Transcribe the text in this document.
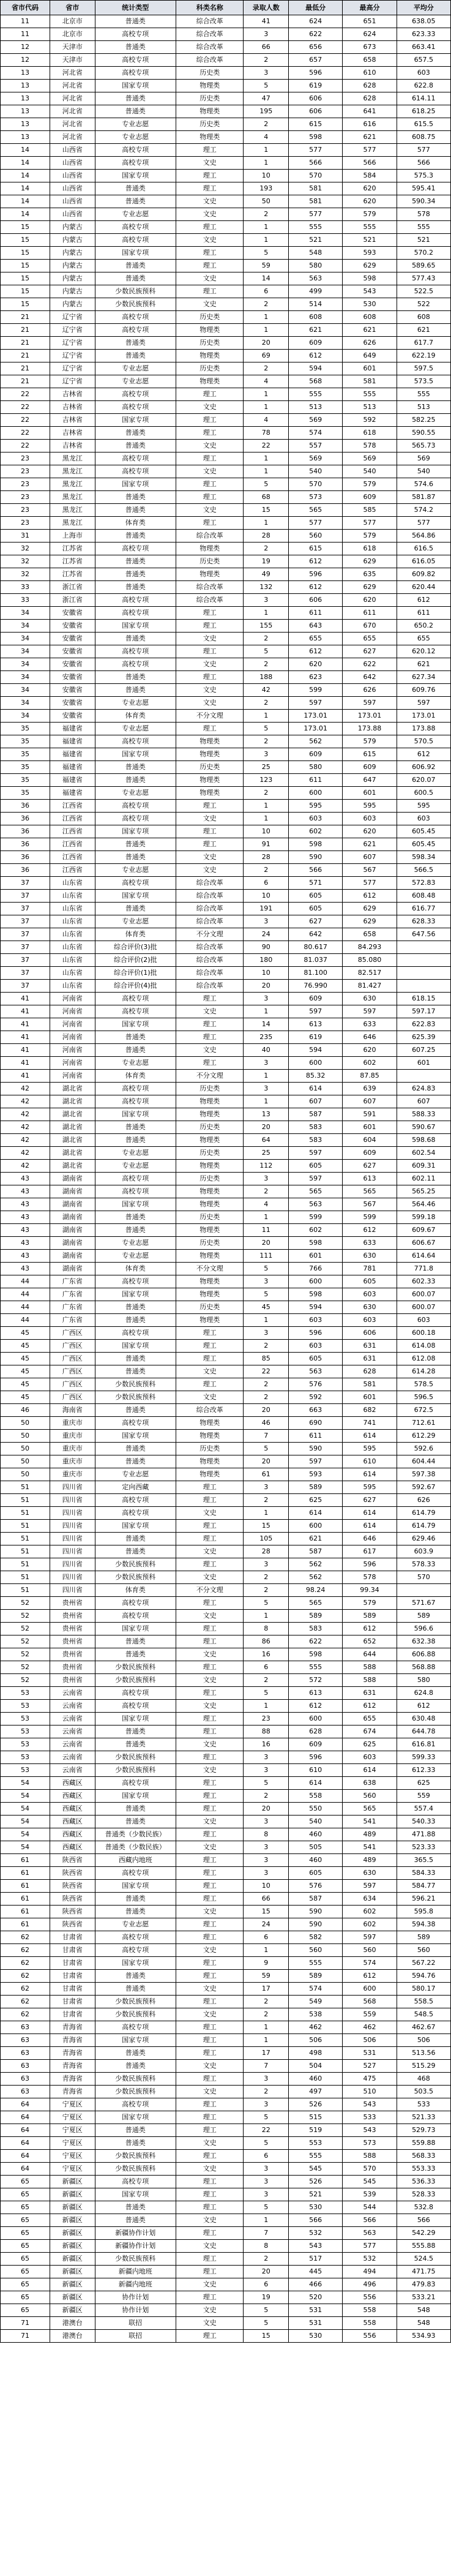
省市代码	省市	统计类型	科类名称	录取人数	最低分	最高分	平均分
11	北京市	普通类	综合改革	41	624	651	638.05
11	北京市	高校专项	综合改革	3	622	624	623.33
12	天津市	普通类	综合改革	66	656	673	663.41
12	天津市	高校专项	综合改革	2	657	658	657.5
13	河北省	高校专项	历史类	3	596	610	603
13	河北省	国家专项	物理类	5	619	628	622.8
13	河北省	普通类	历史类	47	606	628	614.11
13	河北省	普通类	物理类	195	606	641	618.25
13	河北省	专业志愿	历史类	2	615	616	615.5
13	河北省	专业志愿	物理类	4	598	621	608.75
14	山西省	高校专项	理工	1	577	577	577
14	山西省	高校专项	文史	1	566	566	566
14	山西省	国家专项	理工	10	570	584	575.3
14	山西省	普通类	理工	193	581	620	595.41
14	山西省	普通类	文史	50	581	620	590.34
14	山西省	专业志愿	文史	2	577	579	578
15	内蒙古	高校专项	理工	1	555	555	555
15	内蒙古	高校专项	文史	1	521	521	521
15	内蒙古	国家专项	理工	5	548	593	570.2
15	内蒙古	普通类	理工	59	580	629	589.65
15	内蒙古	普通类	文史	14	563	598	577.43
15	内蒙古	少数民族预科	理工	6	499	543	522.5
15	内蒙古	少数民族预科	文史	2	514	530	522
21	辽宁省	高校专项	历史类	1	608	608	608
21	辽宁省	高校专项	物理类	1	621	621	621
21	辽宁省	普通类	历史类	20	609	626	617.7
21	辽宁省	普通类	物理类	69	612	649	622.19
21	辽宁省	专业志愿	历史类	2	594	601	597.5
21	辽宁省	专业志愿	物理类	4	568	581	573.5
22	吉林省	高校专项	理工	1	555	555	555
22	吉林省	高校专项	文史	1	513	513	513
22	吉林省	国家专项	理工	4	569	592	582.25
22	吉林省	普通类	理工	78	574	618	590.55
22	吉林省	普通类	文史	22	557	578	565.73
23	黑龙江	高校专项	理工	1	569	569	569
23	黑龙江	高校专项	文史	1	540	540	540
23	黑龙江	国家专项	理工	5	570	579	574.6
23	黑龙江	普通类	理工	68	573	609	581.87
23	黑龙江	普通类	文史	15	565	585	574.2
23	黑龙江	体育类	理工	1	577	577	577
31	上海市	普通类	综合改革	28	560	579	564.86
32	江苏省	高校专项	物理类	2	615	618	616.5
32	江苏省	普通类	历史类	19	612	629	616.05
32	江苏省	普通类	物理类	49	596	635	609.82
33	浙江省	普通类	综合改革	132	612	629	620.44
33	浙江省	高校专项	综合改革	3	606	620	612
34	安徽省	高校专项	理工	1	611	611	611
34	安徽省	国家专项	理工	155	643	670	650.2
34	安徽省	普通类	文史	2	655	655	655
34	安徽省	高校专项	理工	5	612	627	620.12
34	安徽省	高校专项	文史	2	620	622	621
34	安徽省	普通类	理工	188	623	642	627.34
34	安徽省	普通类	文史	42	599	626	609.76
34	安徽省	专业志愿	文史	2	597	597	597
34	安徽省	体育类	不分文理	1	173.01	173.01	173.01
35	福建省	专业志愿	理工	5	173.01	173.88	173.88
35	福建省	高校专项	物理类	2	562	579	570.5
35	福建省	国家专项	物理类	3	609	615	612
35	福建省	普通类	历史类	25	580	609	606.92
35	福建省	普通类	物理类	123	611	647	620.07
35	福建省	专业志愿	物理类	2	600	601	600.5
36	江西省	高校专项	理工	1	595	595	595
36	江西省	高校专项	文史	1	603	603	603
36	江西省	国家专项	理工	10	602	620	605.45
36	江西省	普通类	理工	91	598	621	605.45
36	江西省	普通类	文史	28	590	607	598.34
36	江西省	专业志愿	文史	2	566	567	566.5
37	山东省	高校专项	综合改革	6	571	577	572.83
37	山东省	国家专项	综合改革	10	605	612	608.48
37	山东省	普通类	综合改革	191	605	629	616.77
37	山东省	专业志愿	综合改革	3	627	629	628.33
37	山东省	体育类	不分文理	24	642	658	647.56
37	山东省	综合评价(3)批	综合改革	90	80.617	84.293	
37	山东省	综合评价(2)批	综合改革	180	81.037	85.080	
37	山东省	综合评价(1)批	综合改革	10	81.100	82.517	
37	山东省	综合评价(4)批	综合改革	20	76.990	81.427	
41	河南省	高校专项	理工	3	609	630	618.15
41	河南省	高校专项	文史	1	597	597	597.17
41	河南省	国家专项	理工	14	613	633	622.83
41	河南省	普通类	理工	235	619	646	625.39
41	河南省	普通类	文史	40	594	620	607.25
41	河南省	专业志愿	理工	3	600	602	601
41	河南省	体育类	不分文理	1	85.32	87.85	
42	湖北省	高校专项	历史类	3	614	639	624.83
42	湖北省	高校专项	物理类	1	607	607	607
42	湖北省	国家专项	物理类	13	587	591	588.33
42	湖北省	普通类	历史类	20	583	601	590.67
42	湖北省	普通类	物理类	64	583	604	598.68
42	湖北省	专业志愿	历史类	25	597	609	602.54
42	湖北省	专业志愿	物理类	112	605	627	609.31
43	湖南省	高校专项	历史类	3	597	613	602.11
43	湖南省	高校专项	物理类	2	565	565	565.25
43	湖南省	国家专项	物理类	4	563	567	564.46
43	湖南省	普通类	历史类	1	599	599	599.18
43	湖南省	普通类	物理类	11	602	612	609.67
43	湖南省	专业志愿	历史类	20	598	633	606.67
43	湖南省	专业志愿	物理类	111	601	630	614.64
43	湖南省	体育类	不分文理	5	766	781	771.8
44	广东省	高校专项	物理类	3	600	605	602.33
44	广东省	国家专项	物理类	5	598	603	600.07
44	广东省	普通类	历史类	45	594	630	600.07
44	广东省	普通类	物理类	1	603	603	603
45	广西区	高校专项	理工	3	596	606	600.18
45	广西区	国家专项	理工	2	603	631	614.08
45	广西区	普通类	理工	85	605	631	612.08
45	广西区	普通类	文史	22	563	628	614.28
45	广西区	少数民族预科	理工	2	576	581	578.5
45	广西区	少数民族预科	文史	2	592	601	596.5
46	海南省	普通类	综合改革	20	663	682	672.5
50	重庆市	高校专项	物理类	46	690	741	712.61
50	重庆市	国家专项	物理类	7	611	614	612.29
50	重庆市	普通类	历史类	5	590	595	592.6
50	重庆市	普通类	物理类	20	597	610	604.44
50	重庆市	专业志愿	物理类	61	593	614	597.38
51	四川省	定向西藏	理工	3	589	595	592.67
51	四川省	高校专项	理工	2	625	627	626
51	四川省	高校专项	文史	1	614	614	614.79
51	四川省	国家专项	理工	15	600	614	614.79
51	四川省	普通类	理工	105	621	646	629.46
51	四川省	普通类	文史	28	587	617	603.9
51	四川省	少数民族预科	理工	3	562	596	578.33
51	四川省	少数民族预科	文史	2	562	578	570
51	四川省	体育类	不分文理	2	98.24	99.34	
52	贵州省	高校专项	理工	5	565	579	571.67
52	贵州省	高校专项	文史	1	589	589	589
52	贵州省	国家专项	理工	8	583	612	596.6
52	贵州省	普通类	理工	86	622	652	632.38
52	贵州省	普通类	文史	16	598	644	606.88
52	贵州省	少数民族预科	理工	6	555	588	568.88
52	贵州省	少数民族预科	文史	2	572	588	580
53	云南省	高校专项	理工	5	613	631	624.8
53	云南省	高校专项	文史	1	612	612	612
53	云南省	国家专项	理工	23	600	655	630.48
53	云南省	普通类	理工	88	628	674	644.78
53	云南省	普通类	文史	16	609	625	616.81
53	云南省	少数民族预科	理工	3	596	603	599.33
53	云南省	少数民族预科	文史	3	610	614	612.33
54	西藏区	高校专项	理工	5	614	638	625
54	西藏区	国家专项	理工	2	558	560	559
54	西藏区	普通类	理工	20	550	565	557.4
54	西藏区	普通类	文史	3	540	541	540.33
54	西藏区	普通类（少数民族）	理工	8	460	489	471.88
54	西藏区	普通类（少数民族）	文史	3	505	541	523.33
61	陕西省	西藏内地班	理工	3	460	489	365.5
61	陕西省	高校专项	理工	3	605	630	584.33
61	陕西省	国家专项	理工	10	576	597	584.77
61	陕西省	普通类	理工	66	587	634	596.21
61	陕西省	普通类	文史	15	590	602	595.8
61	陕西省	专业志愿	理工	24	590	602	594.38
62	甘肃省	高校专项	理工	6	582	597	589
62	甘肃省	高校专项	文史	1	560	560	560
62	甘肃省	国家专项	理工	9	555	574	567.22
62	甘肃省	普通类	理工	59	589	612	594.76
62	甘肃省	普通类	文史	17	574	600	580.17
62	甘肃省	少数民族预科	理工	2	549	568	558.5
62	甘肃省	少数民族预科	文史	2	538	559	548.5
63	青海省	高校专项	理工	1	462	462	462.67
63	青海省	国家专项	理工	1	506	506	506
63	青海省	普通类	理工	17	498	531	513.56
63	青海省	普通类	文史	7	504	527	515.29
63	青海省	少数民族预科	理工	3	460	475	468
63	青海省	少数民族预科	文史	2	497	510	503.5
64	宁夏区	高校专项	理工	3	526	543	533
64	宁夏区	国家专项	理工	5	515	533	521.33
64	宁夏区	普通类	理工	22	519	543	529.73
64	宁夏区	普通类	文史	5	553	573	559.88
64	宁夏区	少数民族预科	理工	6	555	588	568.33
64	宁夏区	少数民族预科	文史	3	545	570	553.33
65	新疆区	高校专项	理工	3	526	545	536.33
65	新疆区	国家专项	理工	3	521	539	528.33
65	新疆区	普通类	理工	5	530	544	532.8
65	新疆区	普通类	文史	1	566	566	566
65	新疆区	新疆协作计划	理工	7	532	563	542.29
65	新疆区	新疆协作计划	文史	8	543	577	555.88
65	新疆区	少数民族预科	理工	2	517	532	524.5
65	新疆区	新疆内地班	理工	20	445	494	471.75
65	新疆区	新疆内地班	文史	6	466	496	479.83
65	新疆区	协作计划	理工	19	520	556	533.21
65	新疆区	协作计划	文史	5	531	558	548
71	港澳台	联招	文史	5	531	558	548
71	港澳台	联招	理工	15	530	556	534.93
